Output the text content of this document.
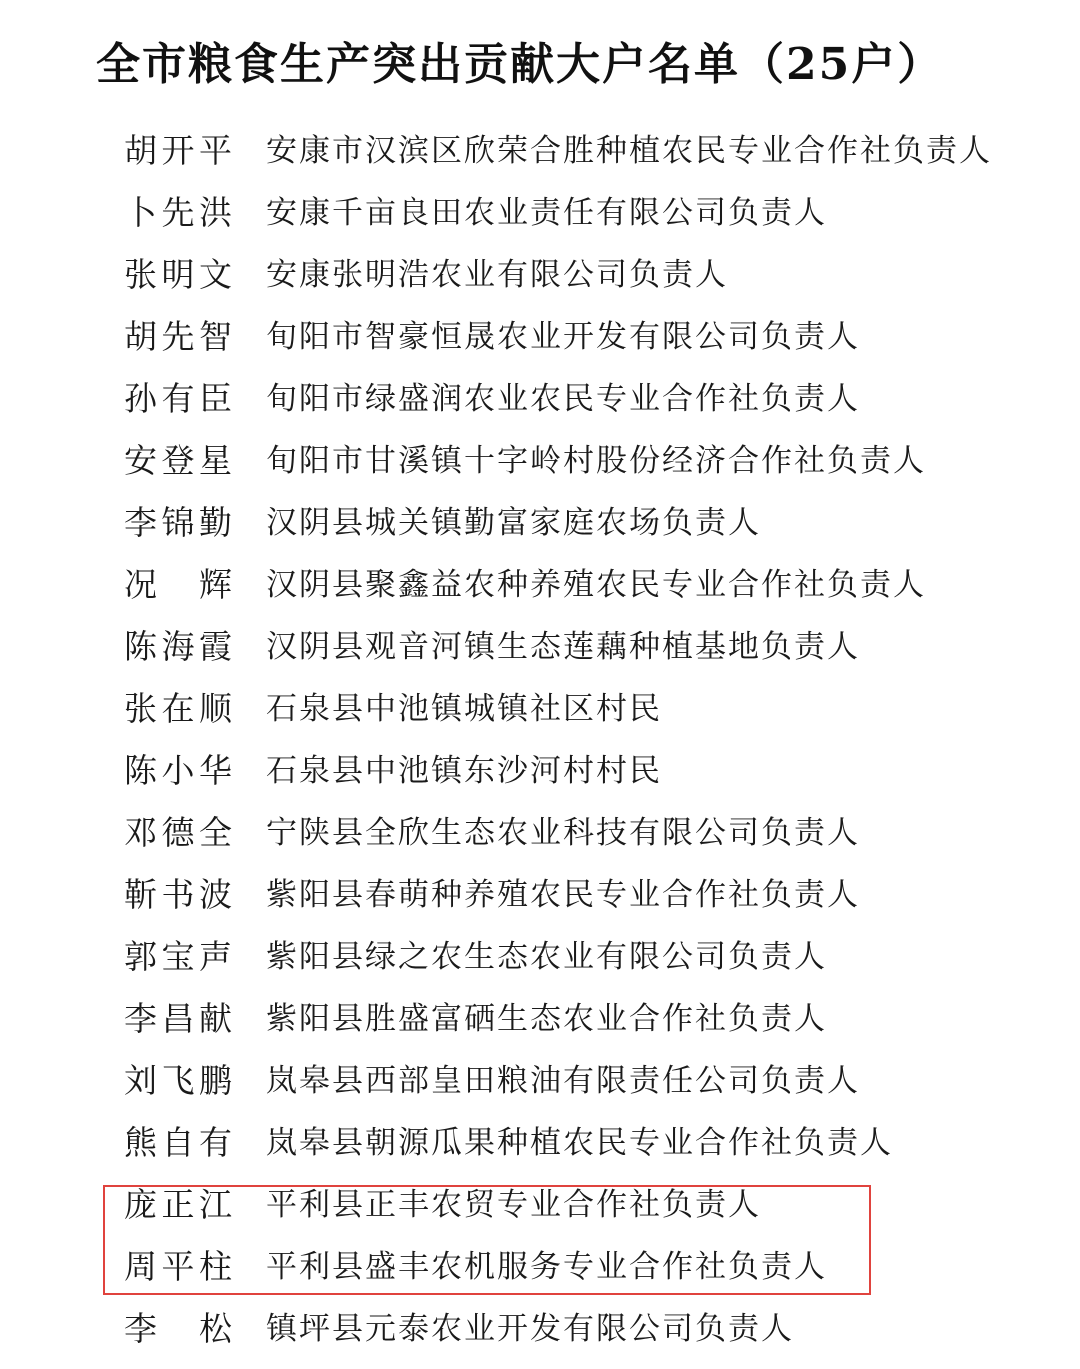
全市粮食生产突出贡献大户名单（25户）
胡开平 安康市汉滨区欣荣合胜种植农民专业合作社负责人
卜先洪 安康千亩良田农业责任有限公司负责人
张明文 安康张明浩农业有限公司负责人
胡先智 旬阳市智豪恒晟农业开发有限公司负责人
孙有臣 旬阳市绿盛润农业农民专业合作社负责人
安登星 旬阳市甘溪镇十字岭村股份经济合作社负责人
李锦勤 汉阴县城关镇勤富家庭农场负责人
况　辉 汉阴县聚鑫益农种养殖农民专业合作社负责人
陈海霞 汉阴县观音河镇生态莲藕种植基地负责人
张在顺 石泉县中池镇城镇社区村民
陈小华 石泉县中池镇东沙河村村民
邓德全 宁陕县全欣生态农业科技有限公司负责人
靳书波 紫阳县春萌种养殖农民专业合作社负责人
郭宝声 紫阳县绿之农生态农业有限公司负责人
李昌献 紫阳县胜盛富硒生态农业合作社负责人
刘飞鹏 岚皋县西部皇田粮油有限责任公司负责人
熊自有 岚皋县朝源瓜果种植农民专业合作社负责人
庞正江 平利县正丰农贸专业合作社负责人
周平柱 平利县盛丰农机服务专业合作社负责人
李　松 镇坪县元泰农业开发有限公司负责人
